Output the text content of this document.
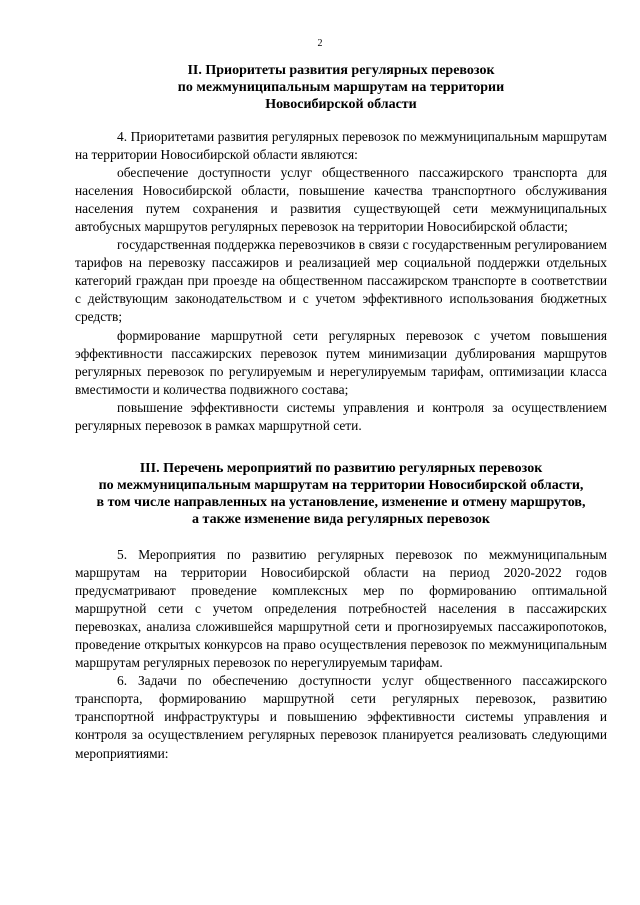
2

II. Приоритеты развития регулярных перевозок

по межмуниципальным маршрутам на территории

Новосибирской области

4. Приоритетами развития регулярных перевозок по межмуниципальным маршрутам на территории Новосибирской области являются:

обеспечение доступности услуг общественного пассажирского транспорта для населения Новосибирской области, повышение качества транспортного обслуживания населения путем сохранения и развития существующей сети межмуниципальных автобусных маршрутов регулярных перевозок на территории Новосибирской области;

государственная поддержка перевозчиков в связи с государственным регулированием тарифов на перевозку пассажиров и реализацией мер социальной поддержки отдельных категорий граждан при проезде на общественном пассажирском транспорте в соответствии с действующим законодательством и с учетом эффективного использования бюджетных средств;

формирование маршрутной сети регулярных перевозок с учетом повышения эффективности пассажирских перевозок путем минимизации дублирования маршрутов регулярных перевозок по регулируемым и нерегулируемым тарифам, оптимизации класса вместимости и количества подвижного состава;

повышение эффективности системы управления и контроля за осуществлением регулярных перевозок в рамках маршрутной сети.

III. Перечень мероприятий по развитию регулярных перевозок

по межмуниципальным маршрутам на территории Новосибирской области,

в том числе направленных на установление, изменение и отмену маршрутов,

а также изменение вида регулярных перевозок

5. Мероприятия по развитию регулярных перевозок по межмуниципальным маршрутам на территории Новосибирской области на период 2020-2022 годов предусматривают проведение комплексных мер по формированию оптимальной маршрутной сети с учетом определения потребностей населения в пассажирских перевозках, анализа сложившейся маршрутной сети и прогнозируемых пассажиропотоков, проведение открытых конкурсов на право осуществления перевозок по межмуниципальным маршрутам регулярных перевозок по нерегулируемым тарифам.

6. Задачи по обеспечению доступности услуг общественного пассажирского транспорта, формированию маршрутной сети регулярных перевозок, развитию транспортной инфраструктуры и повышению эффективности системы управления и контроля за осуществлением регулярных перевозок планируется реализовать следующими мероприятиями:
